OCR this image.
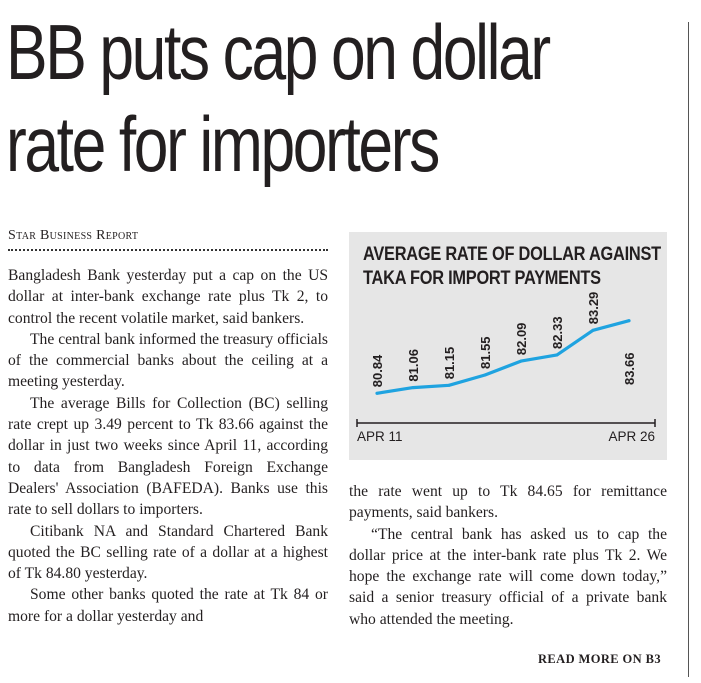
BB puts cap on dollar
rate for importers
Star Business Report

Bangladesh Bank yesterday put a cap on the US dollar at inter-bank exchange rate plus Tk 2, to control the recent volatile market, said bankers.

The central bank informed the treasury officials of the commercial banks about the ceiling at a meeting yesterday.

The average Bills for Collection (BC) selling rate crept up 3.49 percent to Tk 83.66 against the dollar in just two weeks since April 11, according to data from Bangladesh Foreign Exchange Dealers' Association (BAFEDA). Banks use this rate to sell dollars to importers.

Citibank NA and Standard Chartered Bank quoted the BC selling rate of a dollar at a highest of Tk 84.80 yesterday.

Some other banks quoted the rate at Tk 84 or more for a dollar yesterday and

AVERAGE RATE OF DOLLAR AGAINST
TAKA FOR IMPORT PAYMENTS
80.84 81.06 81.15 81.55 82.09 82.33
83.29
83.66
APR 11	APR 26

the rate went up to Tk 84.65 for remittance payments, said bankers.

“The central bank has asked us to cap the dollar price at the inter-bank rate plus Tk 2. We hope the exchange rate will come down today,” said a senior treasury official of a private bank who attended the meeting.

READ MORE ON B3
